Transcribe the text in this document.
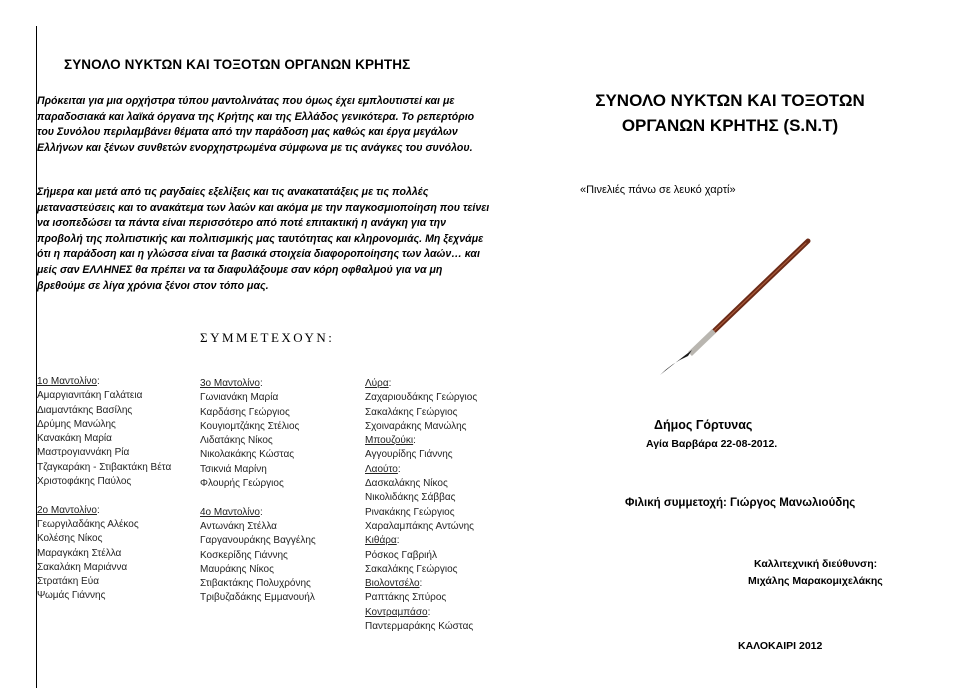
ΣΥΝΟΛΟ ΝΥΚΤΩΝ ΚΑΙ ΤΟΞΟΤΩΝ ΟΡΓΑΝΩΝ ΚΡΗΤΗΣ
Πρόκειται για μια ορχήστρα τύπου μαντολινάτας που όμως έχει εμπλουτιστεί και με παραδοσιακά και λαϊκά όργανα της Κρήτης και της Ελλάδος γενικότερα. Το ρεπερτόριο του Συνόλου περιλαμβάνει θέματα από την παράδοση μας καθώς και έργα μεγάλων Ελλήνων και ξένων συνθετών ενορχηστρωμένα σύμφωνα με τις ανάγκες του συνόλου.
Σήμερα και μετά από τις ραγδαίες εξελίξεις και τις ανακατατάξεις με τις πολλές μεταναστεύσεις και το ανακάτεμα των λαών και ακόμα με την παγκοσμιοποίηση που τείνει να ισοπεδώσει τα πάντα είναι περισσότερο από ποτέ επιτακτική η ανάγκη για την προβολή της πολιτιστικής και πολιτισμικής μας ταυτότητας και κληρονομιάς. Μη ξεχνάμε ότι η παράδοση και η γλώσσα είναι τα βασικά στοιχεία διαφοροποίησης των λαών… και μείς σαν ΕΛΛΗΝΕΣ θα πρέπει να τα διαφυλάξουμε σαν κόρη οφθαλμού για να μη βρεθούμε σε λίγα χρόνια ξένοι στον τόπο μας.
ΣΥΜΜΕΤΕΧΟΥΝ:
1ο Μαντολίνο:
Αμαργιανιτάκη Γαλάτεια
Διαμαντάκης Βασίλης
Δρύμης Μανώλης
Κανακάκη Μαρία
Μαστρογιαννάκη Ρία
Τζαγκαράκη - Στιβακτάκη Βέτα
Χριστοφάκης Παύλος
2ο Μαντολίνο:
Γεωργιλαδάκης Αλέκος
Κολέσης Νίκος
Μαραγκάκη Στέλλα
Σακαλάκη Μαριάννα
Στρατάκη Εύα
Ψωμάς Γιάννης
3ο Μαντολίνο:
Γωνιανάκη Μαρία
Καρδάσης Γεώργιος
Κουγιομτζάκης Στέλιος
Λιδατάκης Νίκος
Νικολακάκης Κώστας
Τσικνιά Μαρίνη
Φλουρής Γεώργιος
4ο Μαντολίνο:
Αντωνάκη Στέλλα
Γαργανουράκης Βαγγέλης
Κοσκερίδης Γιάννης
Μαυράκης Νίκος
Στιβακτάκης Πολυχρόνης
Τριβυζαδάκης Εμμανουήλ
Λύρα:
Ζαχαριουδάκης Γεώργιος
Σακαλάκης Γεώργιος
Σχοιναράκης Μανώλης
Μπουζούκι:
Αγγουρίδης Γιάννης
Λαούτο:
Δασκαλάκης Νίκος
Νικολιδάκης Σάββας
Ρινακάκης Γεώργιος
Χαραλαμπάκης Αντώνης
Κιθάρα:
Ρόσκος Γαβριήλ
Σακαλάκης Γεώργιος
Βιολοντσέλο:
Ραπτάκης Σπύρος
Κοντραμπάσο:
Παντερμαράκης Κώστας
ΣΥΝΟΛΟ ΝΥΚΤΩΝ ΚΑΙ ΤΟΞΟΤΩΝ
ΟΡΓΑΝΩΝ ΚΡΗΤΗΣ (S.N.T)
«Πινελιές πάνω σε λευκό χαρτί»
Δήμος Γόρτυνας
Αγία Βαρβάρα 22-08-2012.
Φιλική συμμετοχή: Γιώργος Μανωλιούδης
Καλλιτεχνική διεύθυνση:
Μιχάλης Μαρακομιχελάκης
ΚΑΛΟΚΑΙΡΙ 2012
